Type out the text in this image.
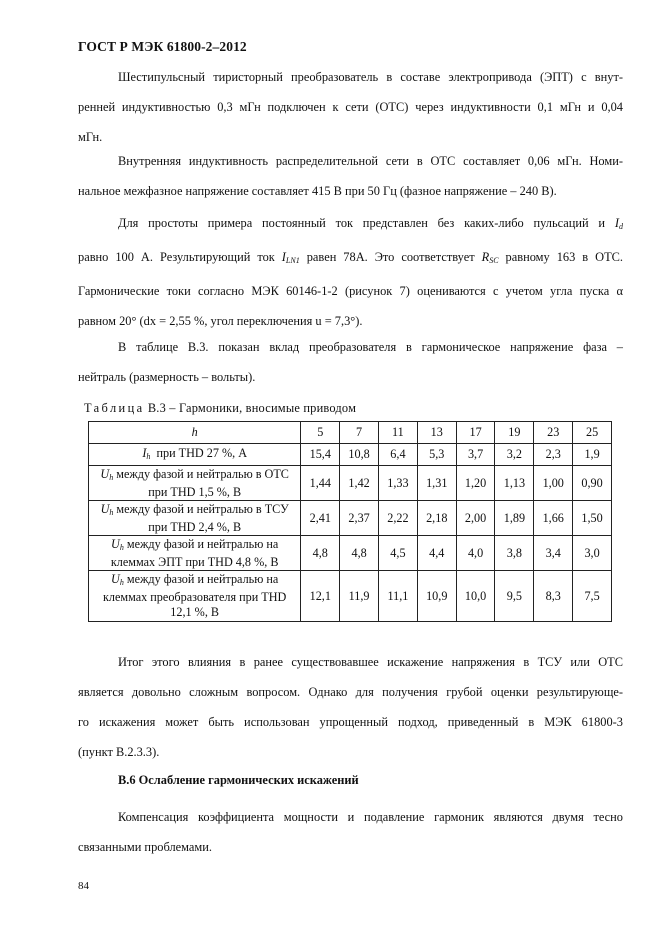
ГОСТ Р МЭК 61800-2–2012
Шестипульсный тиристорный преобразователь в составе электропривода (ЭПТ) с внут-
ренней индуктивностью 0,3 мГн подключен к сети (ОТС) через индуктивности 0,1 мГн и 0,04
мГн.
Внутренняя индуктивность распределительной сети в ОТС составляет 0,06 мГн. Номи-
нальное межфазное напряжение составляет 415 В при 50 Гц (фазное напряжение – 240 В).
Для простоты примера постоянный ток представлен без каких-либо пульсаций и $I_d$
равно 100 А. Результирующий ток $I_{LN1}$ равен 78А. Это соответствует $R_{SC}$ равному 163 в ОТС.
Гармонические токи согласно МЭК 60146-1-2 (рисунок 7) оцениваются с учетом угла пуска α
равном 20° (dx = 2,55 %, угол переключения u = 7,3°).
В таблице В.3. показан вклад преобразователя в гармоническое напряжение фаза –
нейтраль (размерность – вольты).
Таблица В.3 – Гармоники, вносимые приводом
h	5	7	11	13	17	19	23	25
$I_h$ при THD 27 %, А	15,4	10,8	6,4	5,3	3,7	3,2	2,3	1,9
$U_h$ между фазой и нейтралью в ОТС
при THD 1,5 %, В	1,44	1,42	1,33	1,31	1,20	1,13	1,00	0,90
$U_h$ между фазой и нейтралью в ТСУ
при THD 2,4 %, В	2,41	2,37	2,22	2,18	2,00	1,89	1,66	1,50
$U_h$ между фазой и нейтралью на
клеммах ЭПТ при THD 4,8 %, В	4,8	4,8	4,5	4,4	4,0	3,8	3,4	3,0
$U_h$ между фазой и нейтралью на
клеммах преобразователя при THD
12,1 %, В	12,1	11,9	11,1	10,9	10,0	9,5	8,3	7,5
Итог этого влияния в ранее существовавшее искажение напряжения в ТСУ или ОТС
является довольно сложным вопросом. Однако для получения грубой оценки результирующе-
го искажения может быть использован упрощенный подход, приведенный в МЭК 61800-3
(пункт В.2.3.3).
В.6 Ослабление гармонических искажений
Компенсация коэффициента мощности и подавление гармоник являются двумя тесно
связанными проблемами.
84
